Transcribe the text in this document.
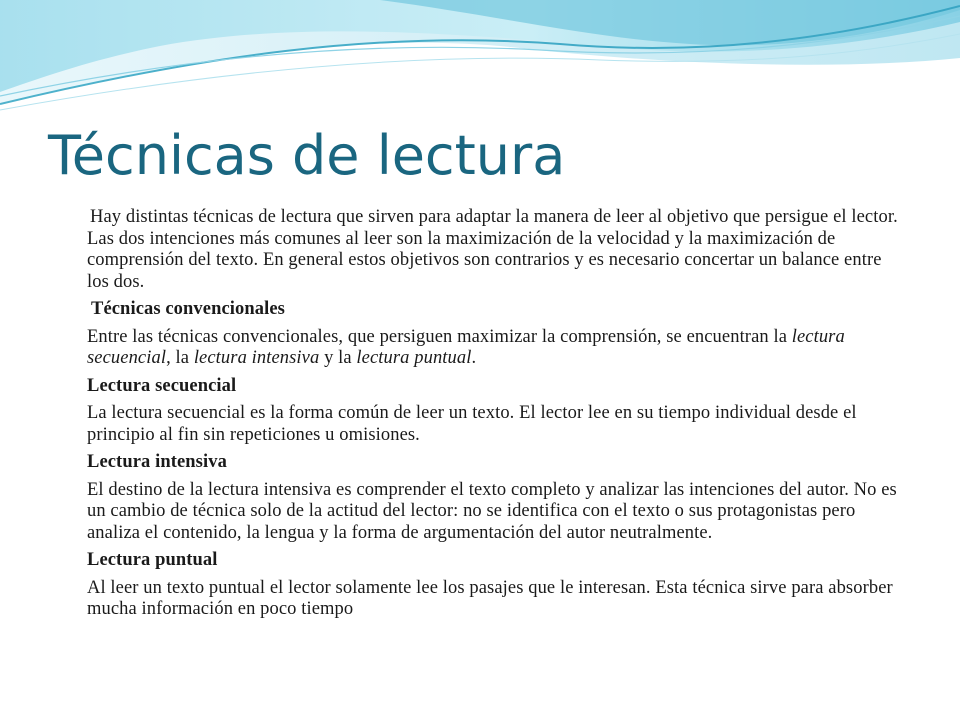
Técnicas de lectura

Hay distintas técnicas de lectura que sirven para adaptar la manera de leer al objetivo que persigue el lector. Las dos intenciones más comunes al leer son la maximización de la velocidad y la maximización de comprensión del texto. En general estos objetivos son contrarios y es necesario concertar un balance entre los dos.

Técnicas convencionales

Entre las técnicas convencionales, que persiguen maximizar la comprensión, se encuentran la lectura secuencial, la lectura intensiva y la lectura puntual.

Lectura secuencial

La lectura secuencial es la forma común de leer un texto. El lector lee en su tiempo individual desde el principio al fin sin repeticiones u omisiones.

Lectura intensiva

El destino de la lectura intensiva es comprender el texto completo y analizar las intenciones del autor. No es un cambio de técnica solo de la actitud del lector: no se identifica con el texto o sus protagonistas pero analiza el contenido, la lengua y la forma de argumentación del autor neutralmente.

Lectura puntual

Al leer un texto puntual el lector solamente lee los pasajes que le interesan. Esta técnica sirve para absorber mucha información en poco tiempo
